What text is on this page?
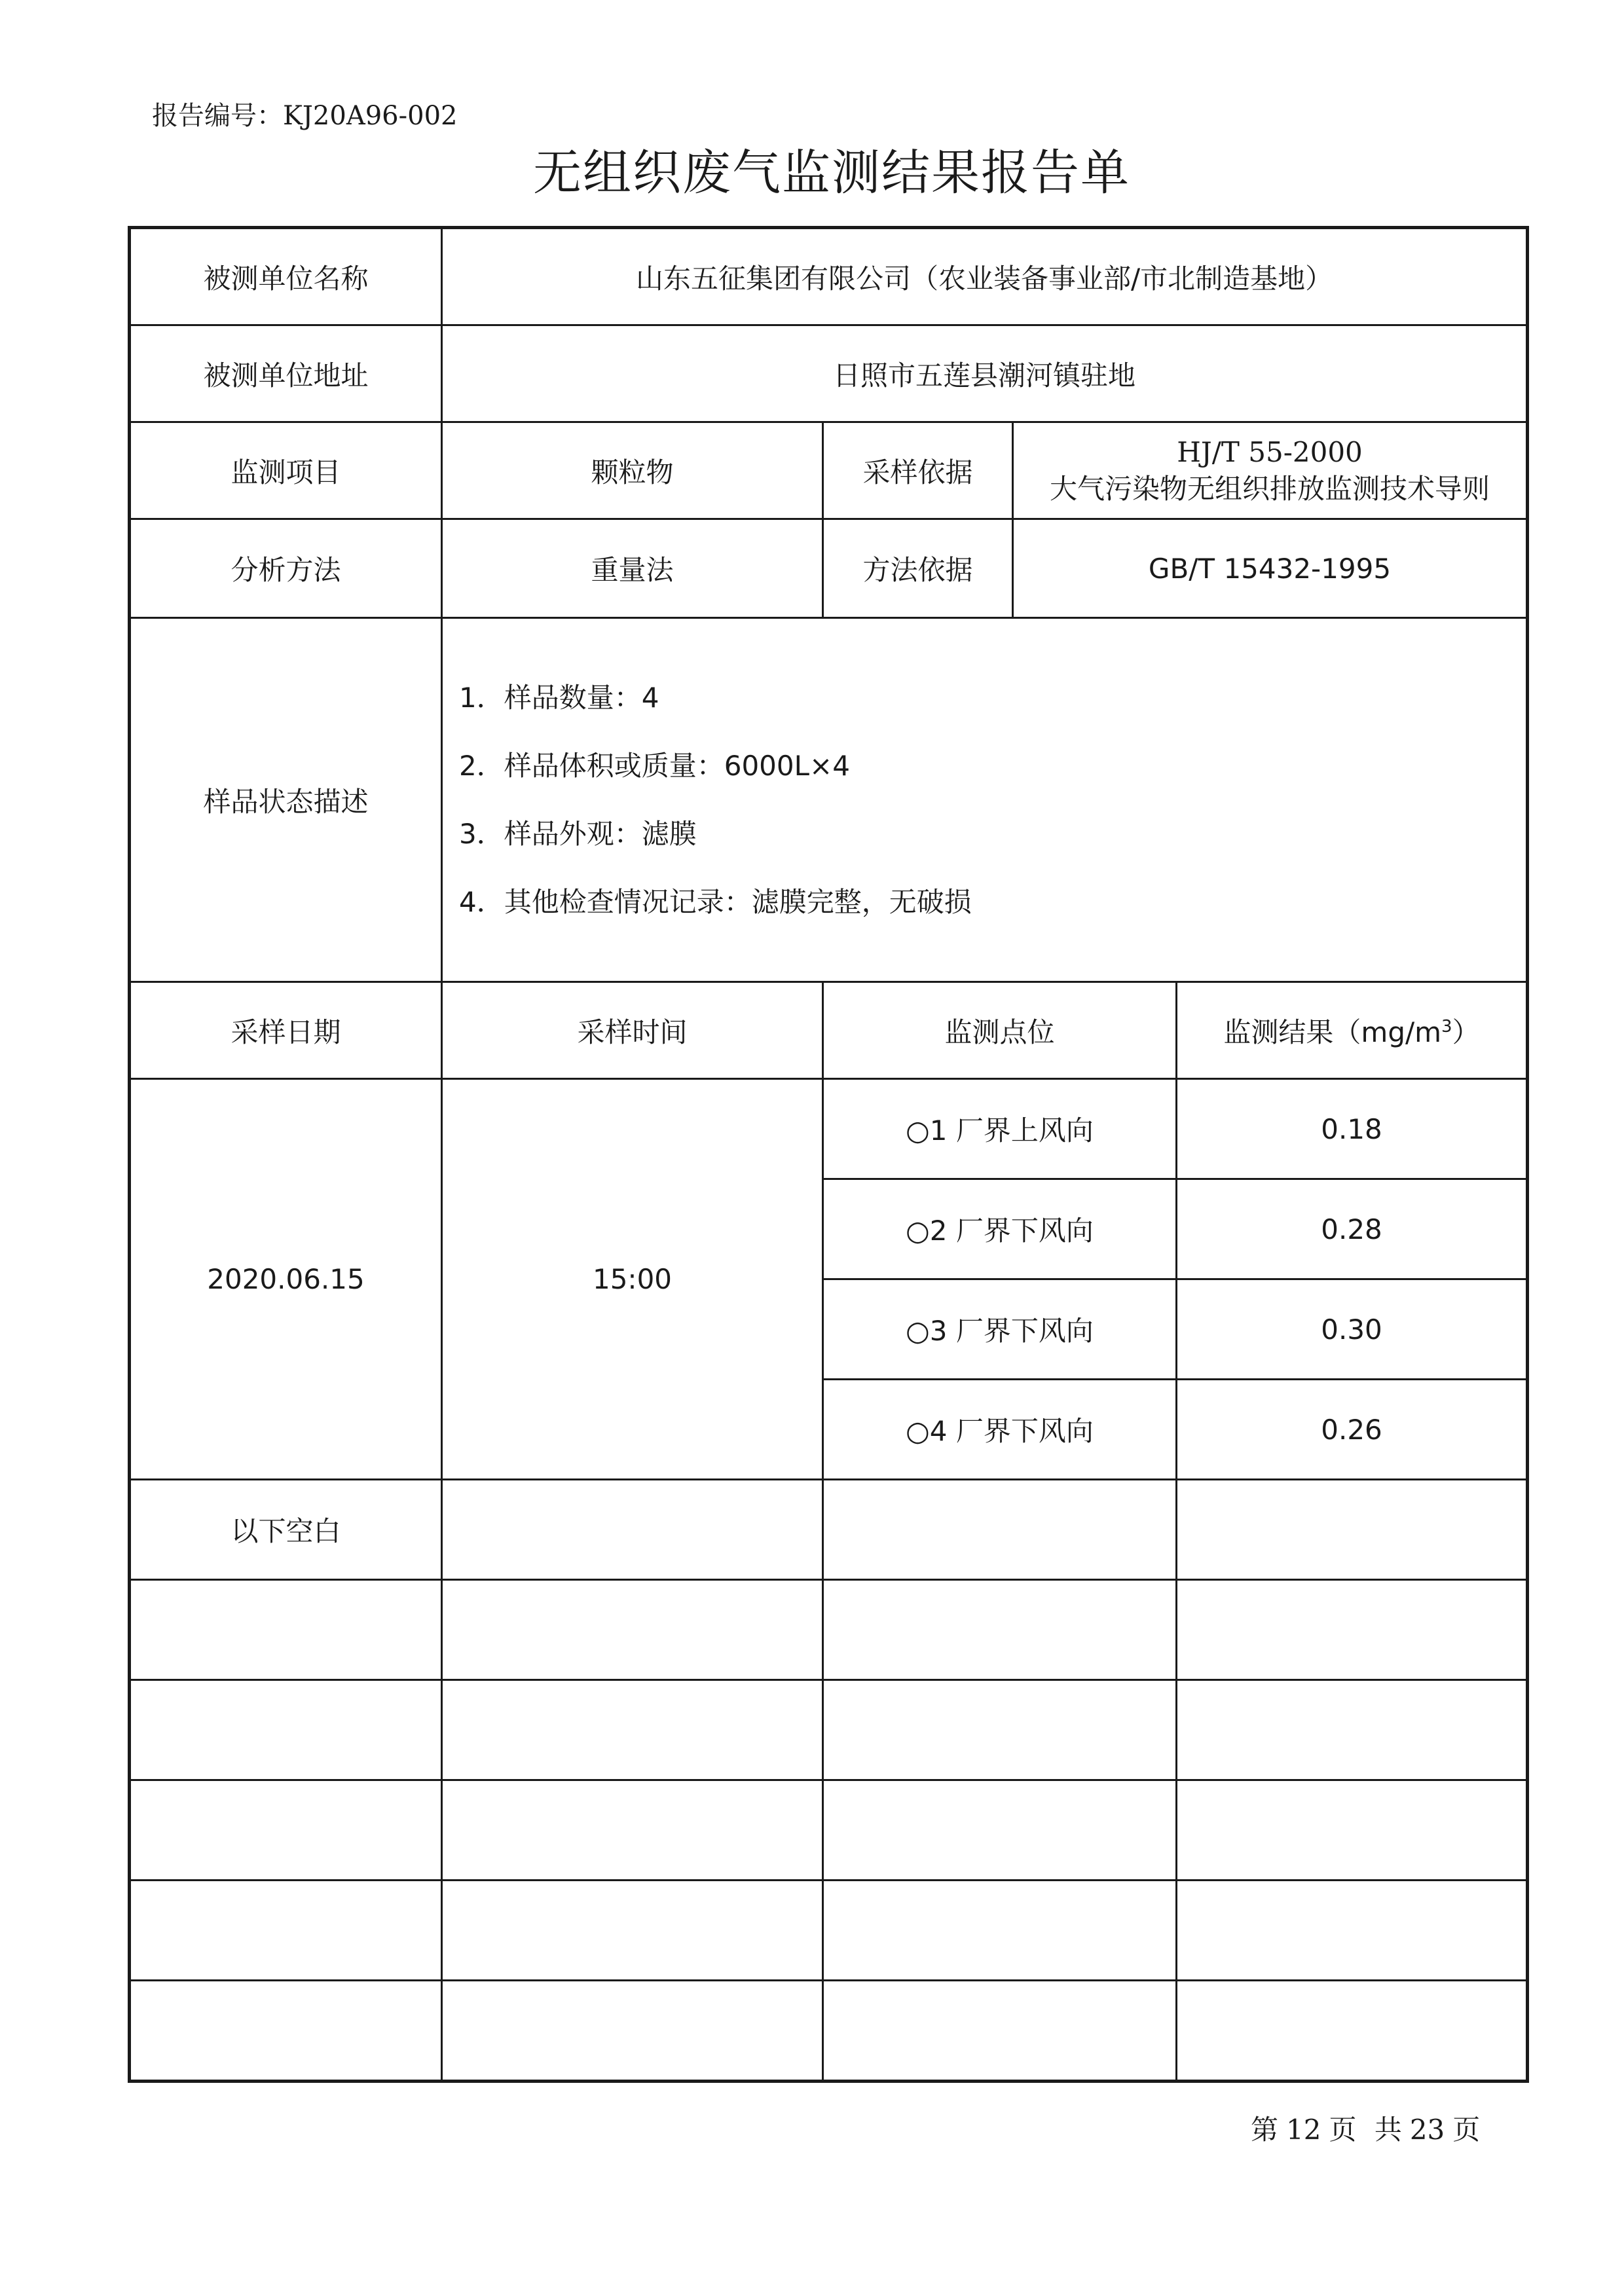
报告编号：KJ20A96-002
无组织废气监测结果报告单
被测单位名称	山东五征集团有限公司（农业装备事业部/市北制造基地）			
被测单位地址	日照市五莲县潮河镇驻地			
监测项目	颗粒物	采样依据	HJ/T 55-2000
大气污染物无组织排放监测技术导则	

分析方法	重量法	方法依据	GB/T 15432-1995	
样品状态描述	1．样品数量：4
2．样品体积或质量：6000L×4
3．样品外观：滤膜
4．其他检查情况记录：滤膜完整，无破损			

采样日期	采样时间	监测点位		监测结果$(mg/m^3)$
2020.06.15	15:00	○1 厂界上风向		0.18
		○2 厂界下风向		0.28
		○3 厂界下风向		0.30
		○4 厂界下风向		0.26
以下空白				

第 12 页 共 23 页
